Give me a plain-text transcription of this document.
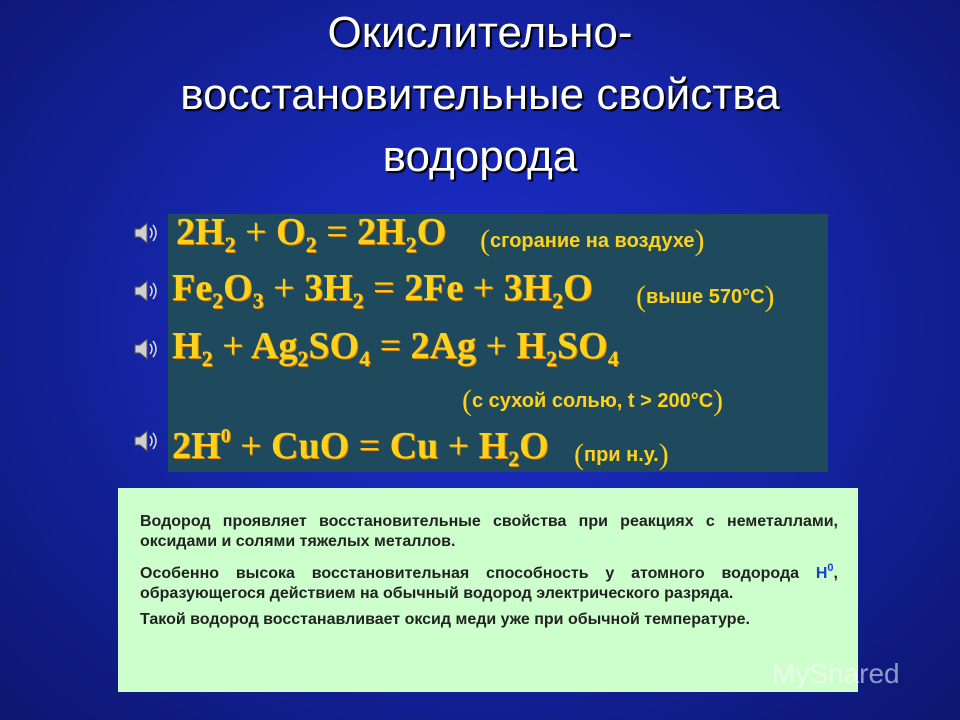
Окислительно-
восстановительные свойства
водорода
$2H_2 + O_2 = 2H_2O$ (сгорание на воздухе)
$Fe_2O_3 + 3H_2 = 2Fe + 3H_2O$ (выше 570°C)
$H_2 + Ag_2SO_4 = 2Ag + H_2SO_4$
(с сухой солью, t > 200°C)
$2H^0$ + CuO = $Cu + H_2O$ (при н.у.)

Водород проявляет восстановительные свойства при реакциях с неметаллами, оксидами и солями тяжелых металлов.

Особенно высока восстановительная способность у атомного водорода $H^0$, образующегося действием на обычный водород электрического разряда.

Такой водород восстанавливает оксид меди уже при обычной температуре.

MyShared
